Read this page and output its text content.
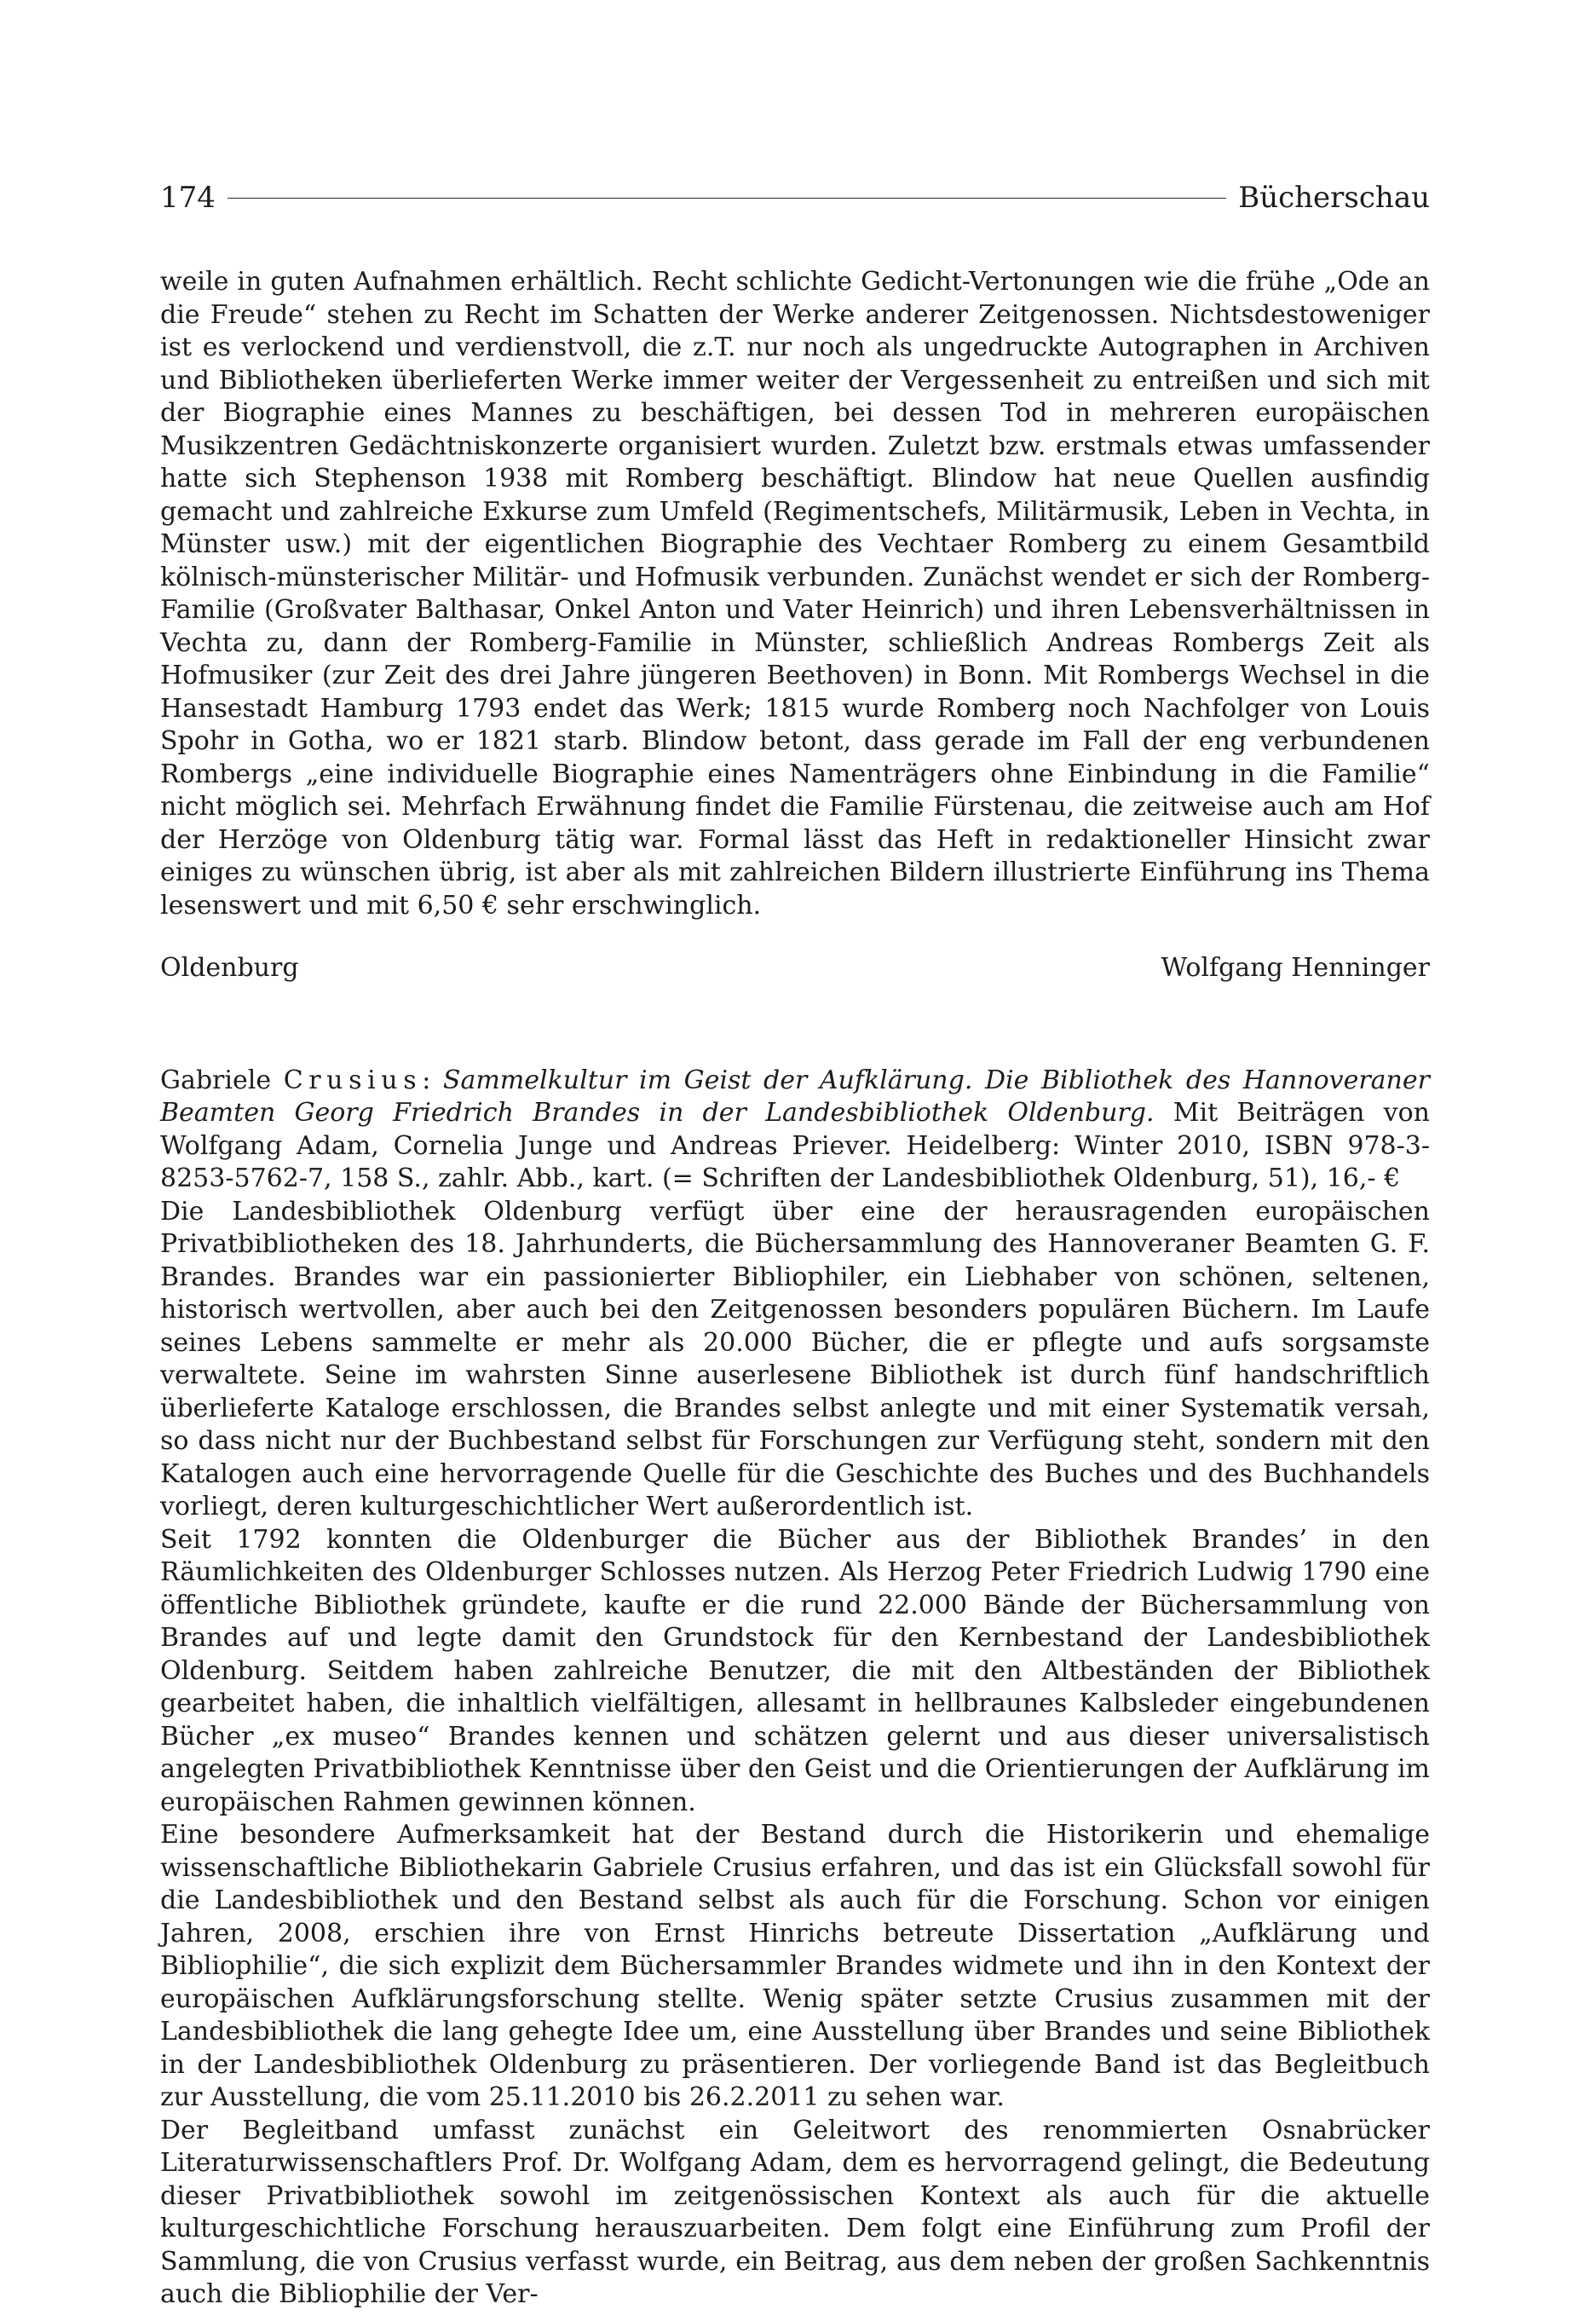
174	Bücherschau

weile in guten Aufnahmen erhältlich. Recht schlichte Gedicht-Vertonungen wie die frühe „Ode an die Freude“ stehen zu Recht im Schatten der Werke anderer Zeitgenossen. Nichtsdestoweniger ist es verlockend und verdienstvoll, die z.T. nur noch als ungedruckte Autographen in Archiven und Bibliotheken überlieferten Werke immer weiter der Vergessenheit zu entreißen und sich mit der Biographie eines Mannes zu beschäftigen, bei dessen Tod in mehreren europäischen Musikzentren Gedächtniskonzerte organisiert wurden. Zuletzt bzw. erstmals etwas umfassender hatte sich Stephenson 1938 mit Romberg beschäftigt. Blindow hat neue Quellen ausfindig gemacht und zahlreiche Exkurse zum Umfeld (Regimentschefs, Militärmusik, Leben in Vechta, in Münster usw.) mit der eigentlichen Biographie des Vechtaer Romberg zu einem Gesamtbild kölnisch-münsterischer Militär- und Hofmusik verbunden. Zunächst wendet er sich der Romberg-Familie (Großvater Balthasar, Onkel Anton und Vater Heinrich) und ihren Lebensverhältnissen in Vechta zu, dann der Romberg-Familie in Münster, schließlich Andreas Rombergs Zeit als Hofmusiker (zur Zeit des drei Jahre jüngeren Beethoven) in Bonn. Mit Rombergs Wechsel in die Hansestadt Hamburg 1793 endet das Werk; 1815 wurde Romberg noch Nachfolger von Louis Spohr in Gotha, wo er 1821 starb. Blindow betont, dass gerade im Fall der eng verbundenen Rombergs „eine individuelle Biographie eines Namenträgers ohne Einbindung in die Familie“ nicht möglich sei. Mehrfach Erwähnung findet die Familie Fürstenau, die zeitweise auch am Hof der Herzöge von Oldenburg tätig war. Formal lässt das Heft in redaktioneller Hinsicht zwar einiges zu wünschen übrig, ist aber als mit zahlreichen Bildern illustrierte Einführung ins Thema lesenswert und mit 6,50 € sehr erschwinglich.

Oldenburg	Wolfgang Henninger
Gabriele Crusius: Sammelkultur im Geist der Aufklärung. Die Bibliothek des Hannoveraner Beamten Georg Friedrich Brandes in der Landesbibliothek Oldenburg. Mit Beiträgen von Wolfgang Adam, Cornelia Junge und Andreas Priever. Heidelberg: Winter 2010, ISBN 978-3-8253-5762-7, 158 S., zahlr. Abb., kart. (= Schriften der Landesbibliothek Oldenburg, 51), 16,- €

Die Landesbibliothek Oldenburg verfügt über eine der herausragenden europäischen Privatbibliotheken des 18. Jahrhunderts, die Büchersammlung des Hannoveraner Beamten G. F. Brandes. Brandes war ein passionierter Bibliophiler, ein Liebhaber von schönen, seltenen, historisch wertvollen, aber auch bei den Zeitgenossen besonders populären Büchern. Im Laufe seines Lebens sammelte er mehr als 20.000 Bücher, die er pflegte und aufs sorgsamste verwaltete. Seine im wahrsten Sinne auserlesene Bibliothek ist durch fünf handschriftlich überlieferte Kataloge erschlossen, die Brandes selbst anlegte und mit einer Systematik versah, so dass nicht nur der Buchbestand selbst für Forschungen zur Verfügung steht, sondern mit den Katalogen auch eine hervorragende Quelle für die Geschichte des Buches und des Buchhandels vorliegt, deren kulturgeschichtlicher Wert außerordentlich ist.

Seit 1792 konnten die Oldenburger die Bücher aus der Bibliothek Brandes’ in den Räumlichkeiten des Oldenburger Schlosses nutzen. Als Herzog Peter Friedrich Ludwig 1790 eine öffentliche Bibliothek gründete, kaufte er die rund 22.000 Bände der Büchersammlung von Brandes auf und legte damit den Grundstock für den Kernbestand der Landesbibliothek Oldenburg. Seitdem haben zahlreiche Benutzer, die mit den Altbeständen der Bibliothek gearbeitet haben, die inhaltlich vielfältigen, allesamt in hellbraunes Kalbsleder eingebundenen Bücher „ex museo“ Brandes kennen und schätzen gelernt und aus dieser universalistisch angelegten Privatbibliothek Kenntnisse über den Geist und die Orientierungen der Aufklärung im europäischen Rahmen gewinnen können.

Eine besondere Aufmerksamkeit hat der Bestand durch die Historikerin und ehemalige wissenschaftliche Bibliothekarin Gabriele Crusius erfahren, und das ist ein Glücksfall sowohl für die Landesbibliothek und den Bestand selbst als auch für die Forschung. Schon vor einigen Jahren, 2008, erschien ihre von Ernst Hinrichs betreute Dissertation „Aufklärung und Bibliophilie“, die sich explizit dem Büchersammler Brandes widmete und ihn in den Kontext der europäischen Aufklärungsforschung stellte. Wenig später setzte Crusius zusammen mit der Landesbibliothek die lang gehegte Idee um, eine Ausstellung über Brandes und seine Bibliothek in der Landesbibliothek Oldenburg zu präsentieren. Der vorliegende Band ist das Begleitbuch zur Ausstellung, die vom 25.11.2010 bis 26.2.2011 zu sehen war.

Der Begleitband umfasst zunächst ein Geleitwort des renommierten Osnabrücker Literaturwissenschaftlers Prof. Dr. Wolfgang Adam, dem es hervorragend gelingt, die Bedeutung dieser Privatbibliothek sowohl im zeitgenössischen Kontext als auch für die aktuelle kulturgeschichtliche Forschung herauszuarbeiten. Dem folgt eine Einführung zum Profil der Sammlung, die von Crusius verfasst wurde, ein Beitrag, aus dem neben der großen Sachkenntnis auch die Bibliophilie der Ver-
